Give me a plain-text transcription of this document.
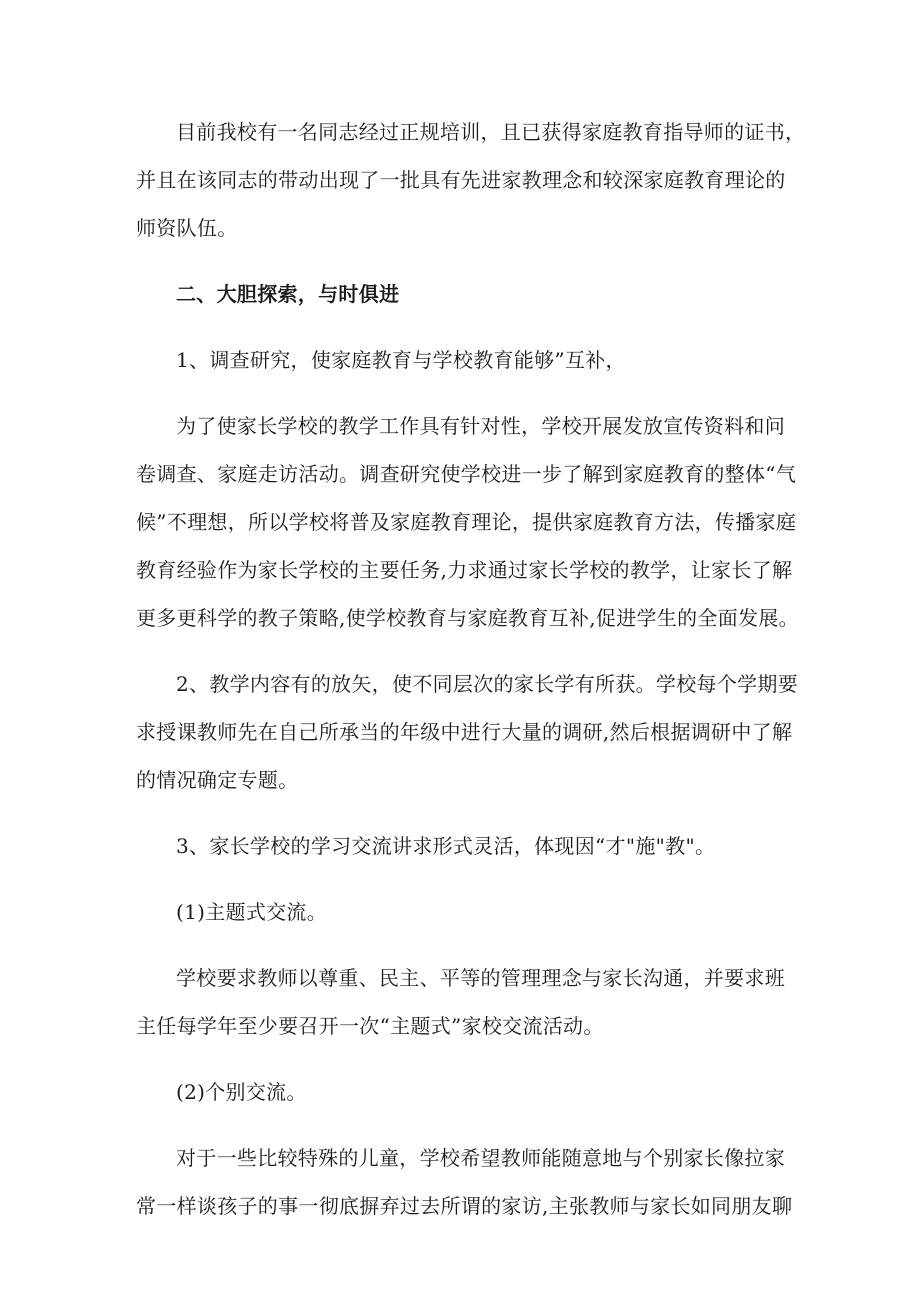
目前我校有一名同志经过正规培训，且已获得家庭教育指导师的证书，
并且在该同志的带动出现了一批具有先进家教理念和较深家庭教育理论的
师资队伍。

二、大胆探索，与时俱进

1、调查研究，使家庭教育与学校教育能够”互补，

为了使家长学校的教学工作具有针对性，学校开展发放宣传资料和问
卷调查、家庭走访活动。调查研究使学校进一步了解到家庭教育的整体“气
候”不理想，所以学校将普及家庭教育理论，提供家庭教育方法，传播家庭
教育经验作为家长学校的主要任务,力求通过家长学校的教学，让家长了解
更多更科学的教子策略,使学校教育与家庭教育互补,促进学生的全面发展。

2、教学内容有的放矢，使不同层次的家长学有所获。学校每个学期要
求授课教师先在自己所承当的年级中进行大量的调研,然后根据调研中了解
的情况确定专题。

3、家长学校的学习交流讲求形式灵活，体现因“才"施"教"。

(1)主题式交流。

学校要求教师以尊重、民主、平等的管理理念与家长沟通，并要求班
主任每学年至少要召开一次“主题式”家校交流活动。

(2)个别交流。

对于一些比较特殊的儿童，学校希望教师能随意地与个别家长像拉家
常一样谈孩子的事一彻底摒弃过去所谓的家访,主张教师与家长如同朋友聊
